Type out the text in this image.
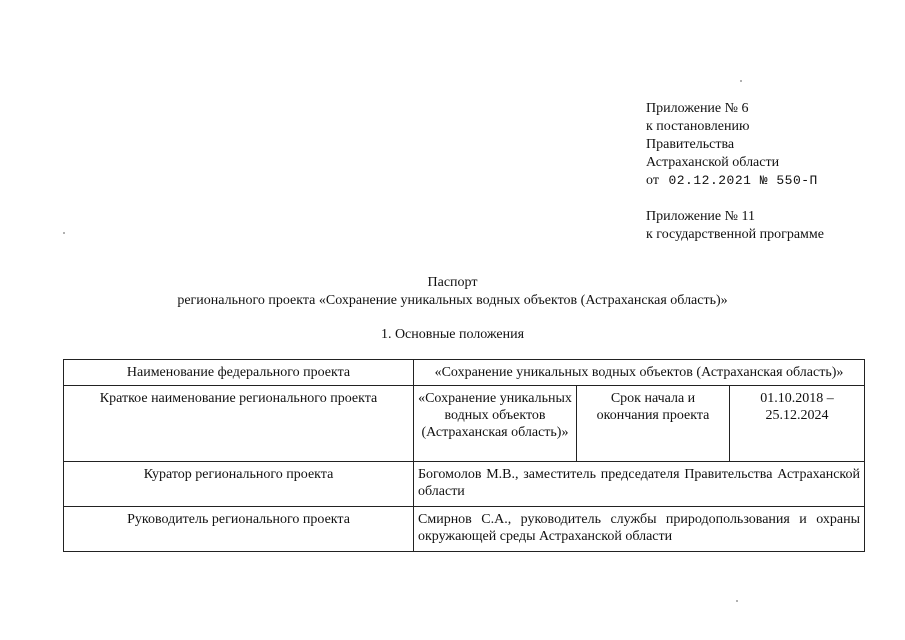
Приложение № 6
к постановлению
Правительства
Астраханской области
от 02.12.2021 № 550-П
Приложение № 11
к государственной программе
Паспорт
регионального проекта «Сохранение уникальных водных объектов (Астраханская область)»
1. Основные положения
Наименование федерального проекта	«Сохранение уникальных водных объектов (Астраханская область)»		
Краткое наименование регионального проекта	«Сохранение уникальных водных объектов (Астраханская область)»	Срок начала и окончания проекта	01.10.2018 – 25.12.2024
Куратор регионального проекта	Богомолов М.В., заместитель председателя Правительства Астраханской области		
Руководитель регионального проекта	Смирнов С.А., руководитель службы природопользования и охраны окружающей среды Астраханской области		
